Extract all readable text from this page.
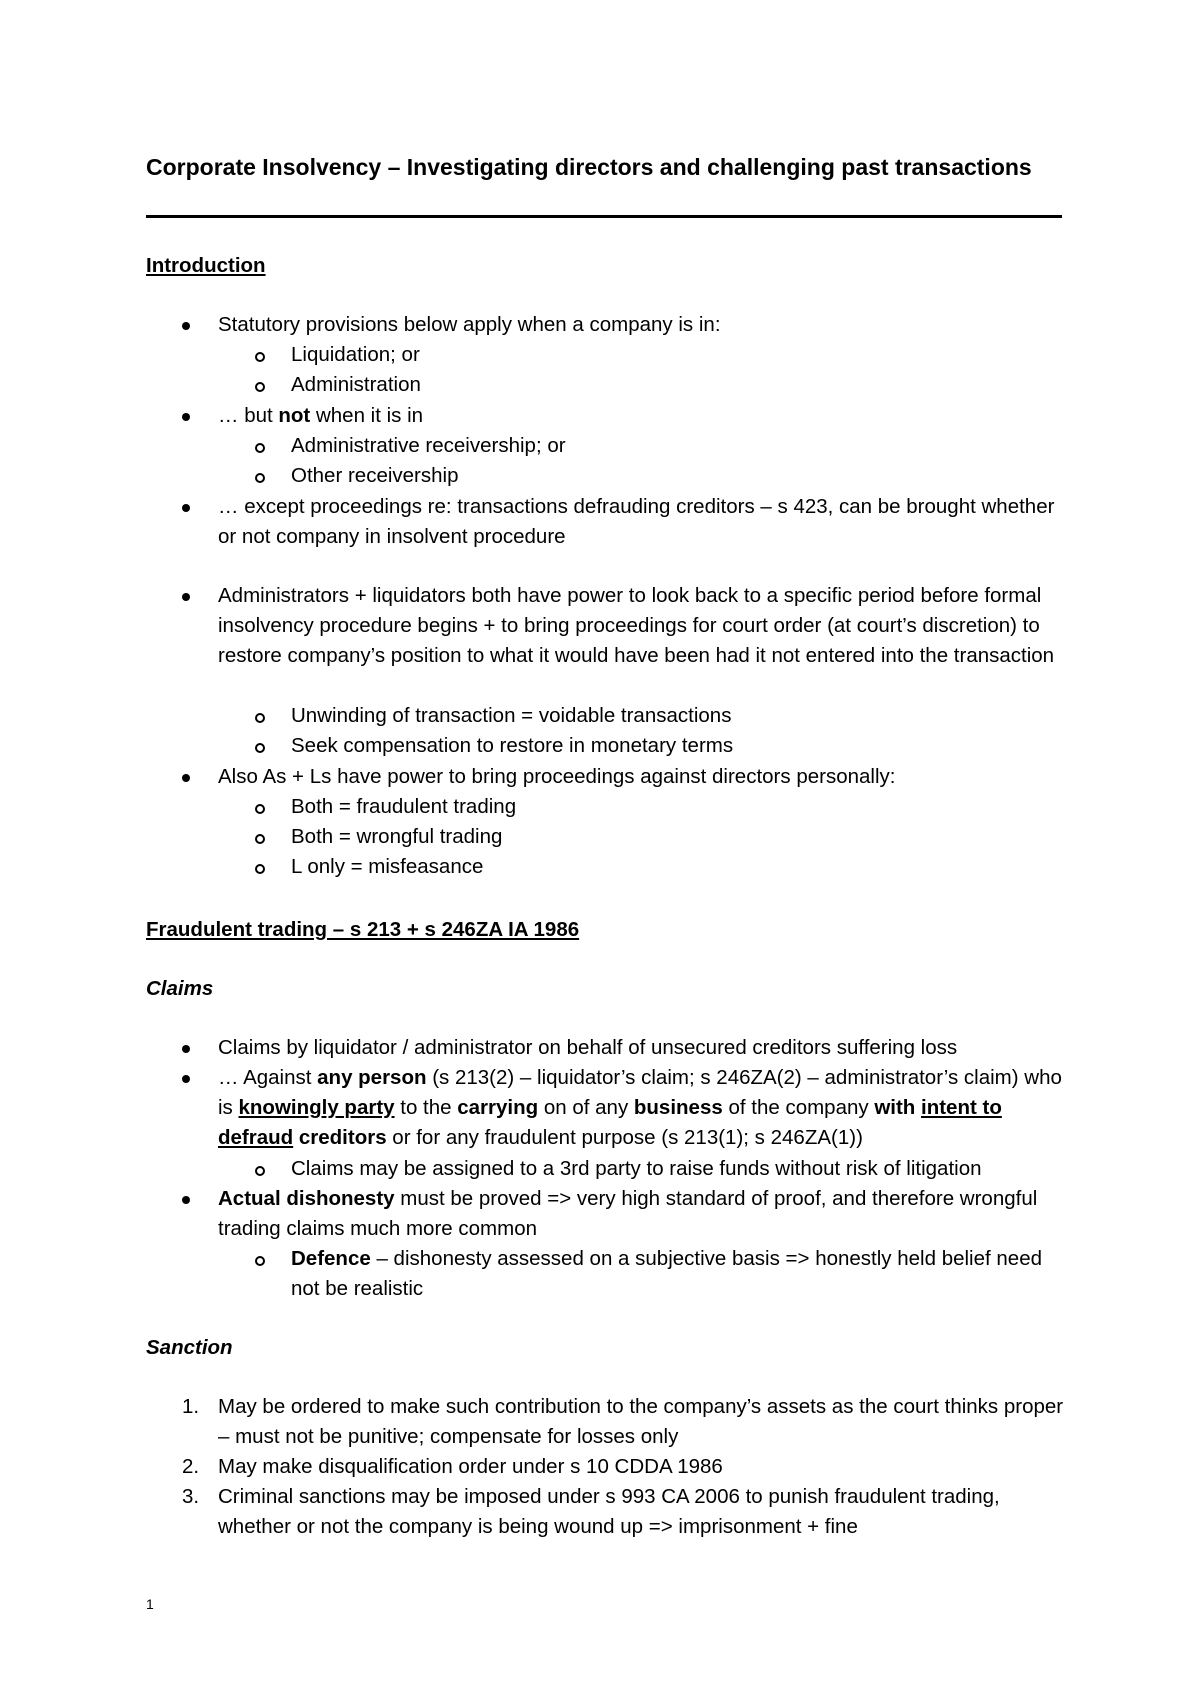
Corporate Insolvency – Investigating directors and challenging past transactions
Introduction
Statutory provisions below apply when a company is in:
Liquidation; or
Administration
… but not when it is in
Administrative receivership; or
Other receivership
… except proceedings re: transactions defrauding creditors – s 423, can be brought whether or not company in insolvent procedure
Administrators + liquidators both have power to look back to a specific period before formal insolvency procedure begins + to bring proceedings for court order (at court’s discretion) to restore company’s position to what it would have been had it not entered into the transaction
Unwinding of transaction = voidable transactions
Seek compensation to restore in monetary terms
Also As + Ls have power to bring proceedings against directors personally:
Both = fraudulent trading
Both = wrongful trading
L only = misfeasance
Fraudulent trading – s 213 + s 246ZA IA 1986
Claims
Claims by liquidator / administrator on behalf of unsecured creditors suffering loss
… Against any person (s 213(2) – liquidator’s claim; s 246ZA(2) – administrator’s claim) who is knowingly party to the carrying on of any business of the company with intent to defraud creditors or for any fraudulent purpose (s 213(1); s 246ZA(1))
Claims may be assigned to a 3rd party to raise funds without risk of litigation
Actual dishonesty must be proved => very high standard of proof, and therefore wrongful trading claims much more common
Defence – dishonesty assessed on a subjective basis => honestly held belief need not be realistic
Sanction
1. May be ordered to make such contribution to the company’s assets as the court thinks proper – must not be punitive; compensate for losses only
2. May make disqualification order under s 10 CDDA 1986
3. Criminal sanctions may be imposed under s 993 CA 2006 to punish fraudulent trading, whether or not the company is being wound up => imprisonment + fine
1
